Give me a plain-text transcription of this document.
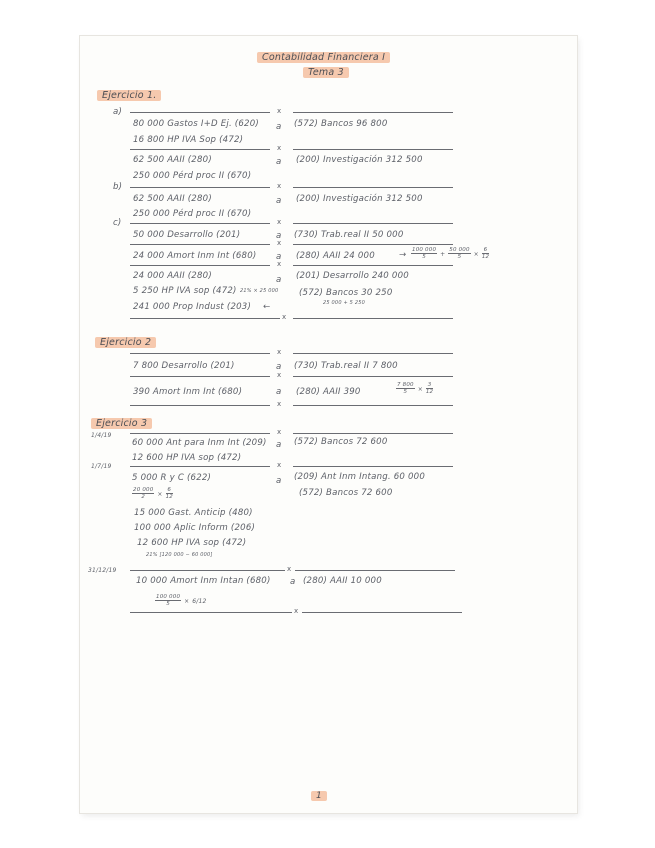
Contabilidad Financiera I
Tema 3
Ejercicio 1.
a)	x
80 000 Gastos I+D Ej. (620)
16 800 HP IVA Sop (472)
a (572) Bancos 96 800
x
62 500 AAII (280)
250 000 Pérd proc II (670)
a (200) Investigación 312 500
b)	x
62 500 AAII (280)
250 000 Pérd proc II (670)
a (200) Investigación 312 500
c)	x
50 000 Desarrollo (201)	a (730) Trab.real II 50 000
x
24 000 Amort Inm Int (680) a (280) AAII 24 000	→ $\frac{100 000}{5} + \frac{50 000}{5} \times \frac{6}{12}$
x
24 000 AAII (280)
5 250 HP IVA sop (472) 21% × 25 000
241 000 Prop Indust (203) ←
a (201) Desarrollo 240 000
(572) Bancos 30 250
25 000 + 5 250
x
Ejercicio 2
x
7 800 Desarrollo (201)	a (730) Trab.real II 7 800
x
390 Amort Inm Int (680)	a (280) AAII 390	$\frac{7 800}{5} \times \frac{3}{12}$
x
Ejercicio 3
1/4/19	x
60 000 Ant para Inm Int (209)
12 600 HP IVA sop (472)
a (572) Bancos 72 600
1/7/19	x
5 000 R y C (622)
$\frac{20 000}{2} \times \frac{6}{12}$
15 000 Gast. Anticip (480)
100 000 Aplic Inform (206)
12 600 HP IVA sop (472)
21% [120 000 − 60 000]
a (209) Ant Inm Intang. 60 000
(572) Bancos 72 600
31/12/19	x
10 000 Amort Inm Intan (680) a (280) AAII 10 000
$\frac{100 000}{5} \times 6/12$
x
1
